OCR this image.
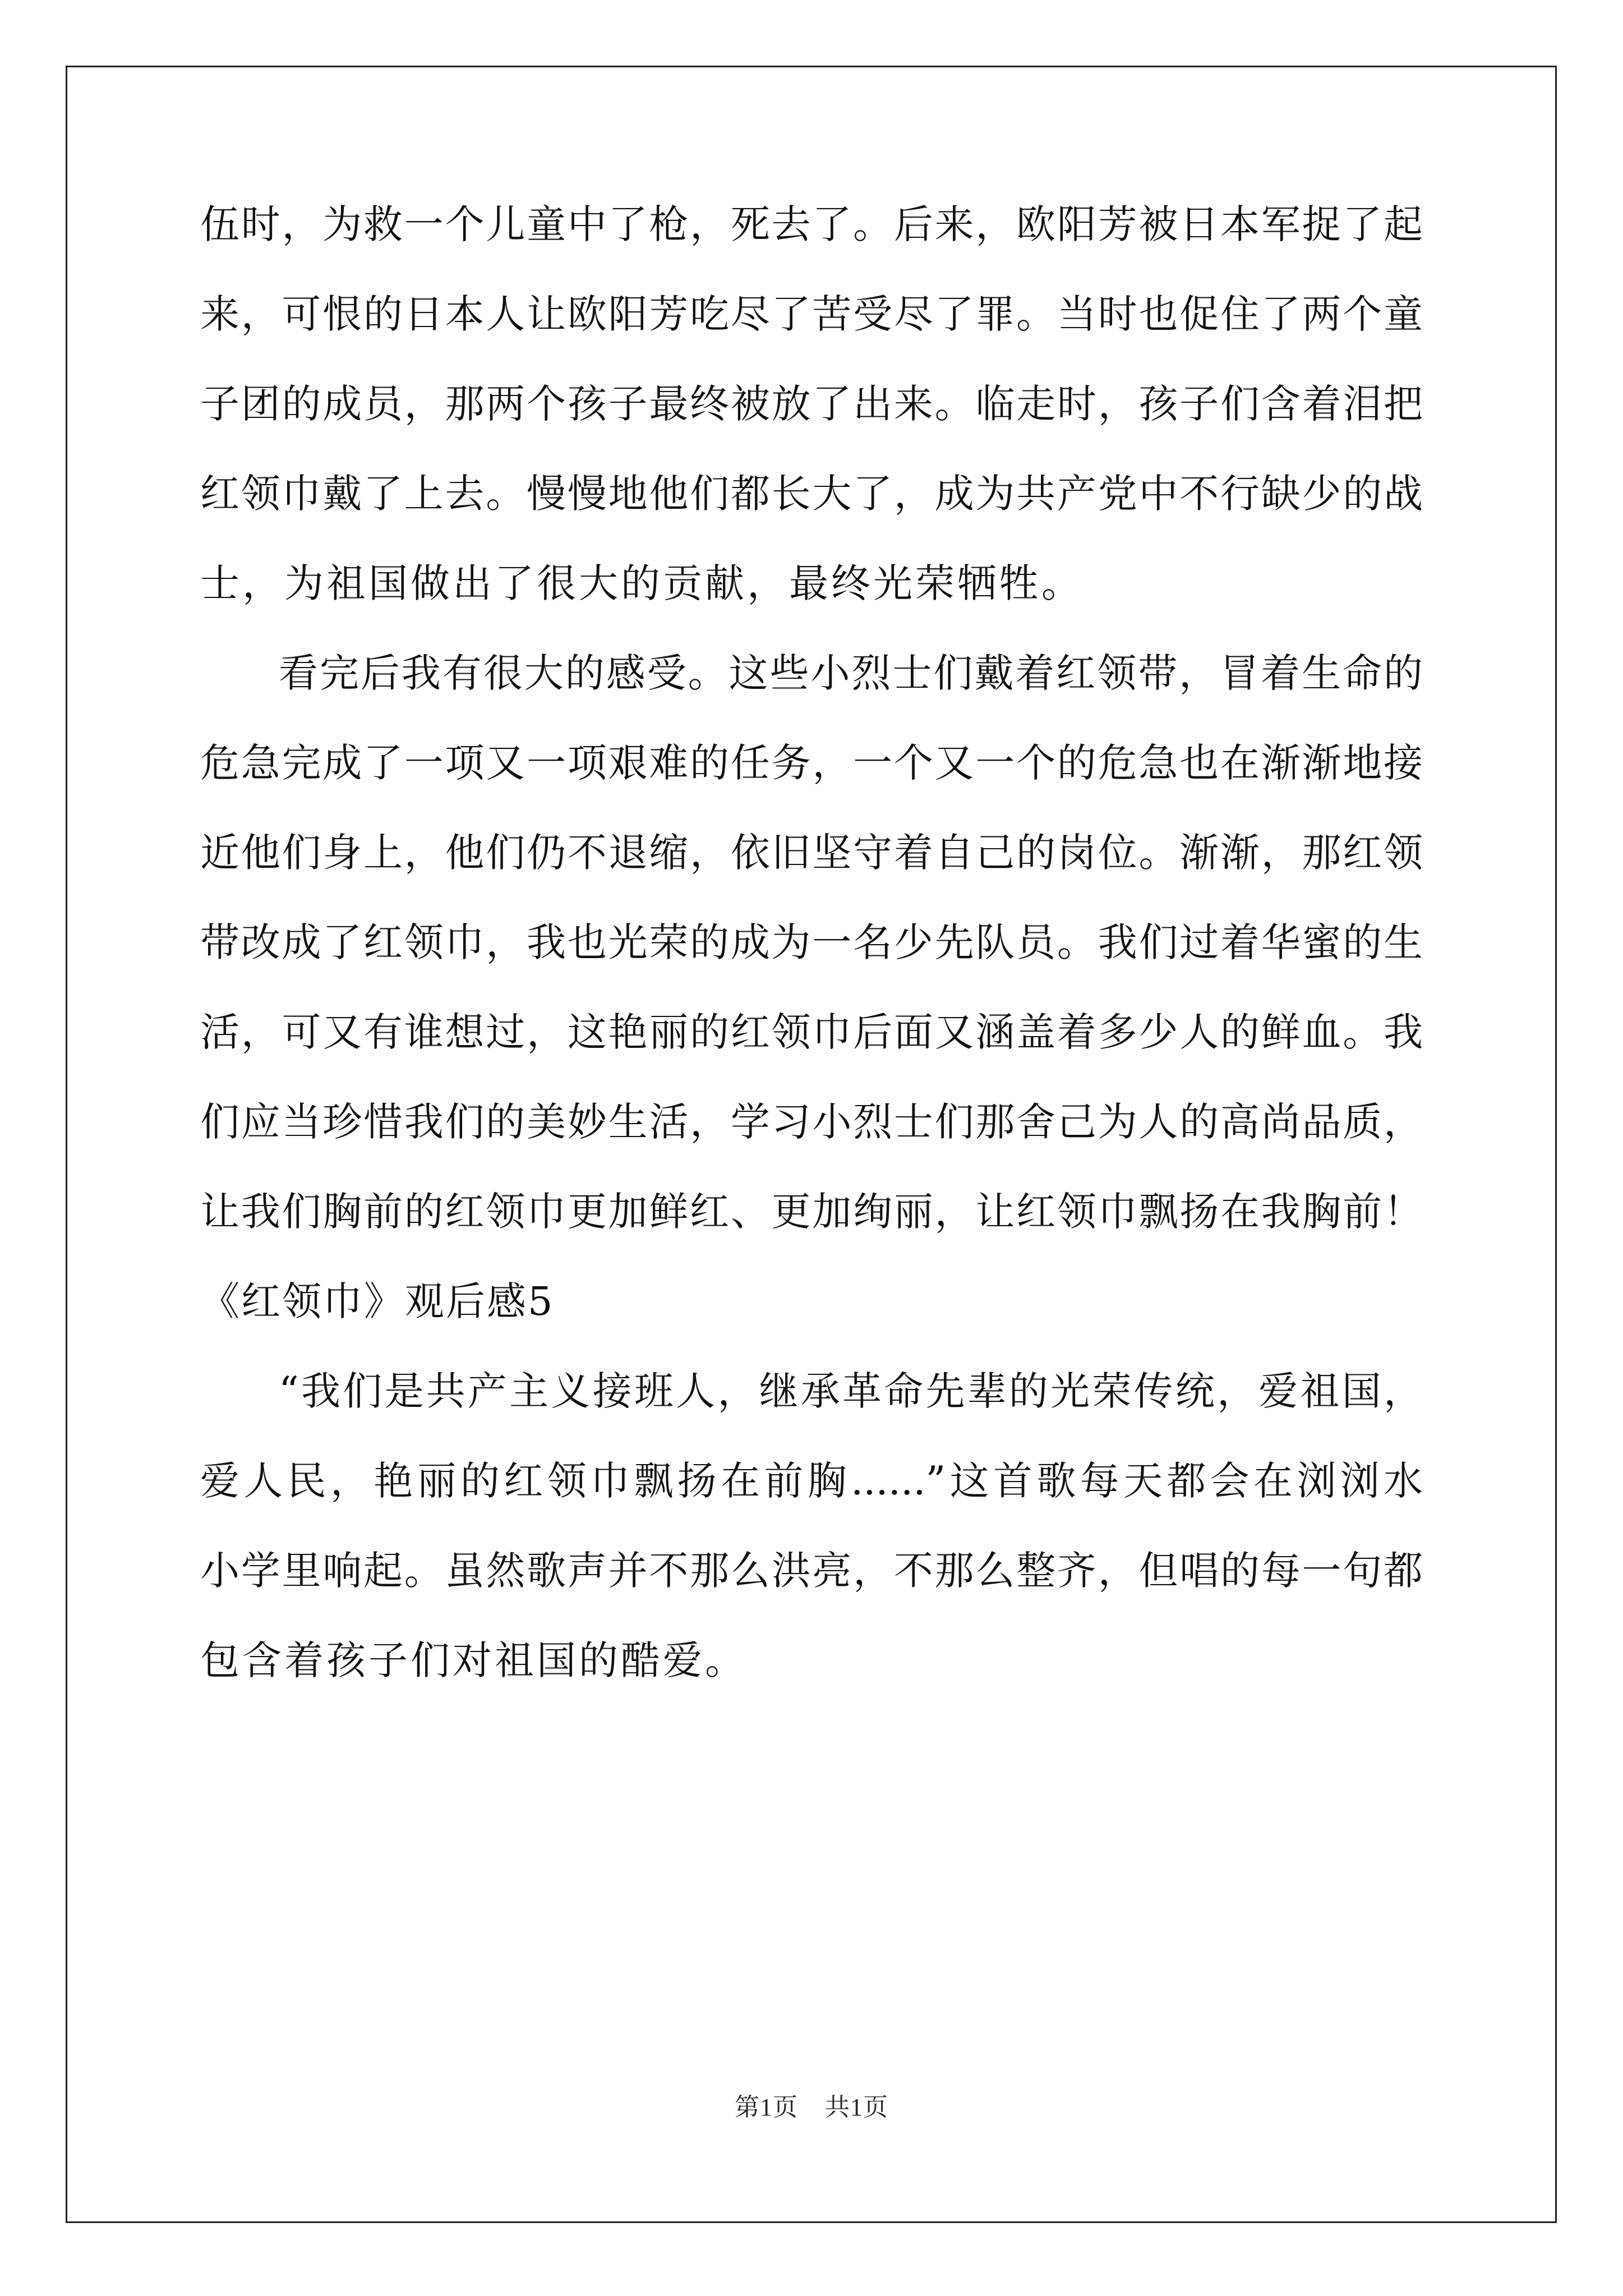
伍时，为救一个儿童中了枪，死去了。后来，欧阳芳被日本军捉了起
来，可恨的日本人让欧阳芳吃尽了苦受尽了罪。当时也促住了两个童
子团的成员，那两个孩子最终被放了出来。临走时，孩子们含着泪把
红领巾戴了上去。慢慢地他们都长大了，成为共产党中不行缺少的战
士，为祖国做出了很大的贡献，最终光荣牺牲。
看完后我有很大的感受。这些小烈士们戴着红领带，冒着生命的
危急完成了一项又一项艰难的任务，一个又一个的危急也在渐渐地接
近他们身上，他们仍不退缩，依旧坚守着自己的岗位。渐渐，那红领
带改成了红领巾，我也光荣的成为一名少先队员。我们过着华蜜的生
活，可又有谁想过，这艳丽的红领巾后面又涵盖着多少人的鲜血。我
们应当珍惜我们的美妙生活，学习小烈士们那舍己为人的高尚品质，
让我们胸前的红领巾更加鲜红、更加绚丽，让红领巾飘扬在我胸前！
《红领巾》观后感5
“我们是共产主义接班人，继承革命先辈的光荣传统，爱祖国，
爱人民，艳丽的红领巾飘扬在前胸......”这首歌每天都会在浏浏水
小学里响起。虽然歌声并不那么洪亮，不那么整齐，但唱的每一句都
包含着孩子们对祖国的酷爱。
第1页 共1页
